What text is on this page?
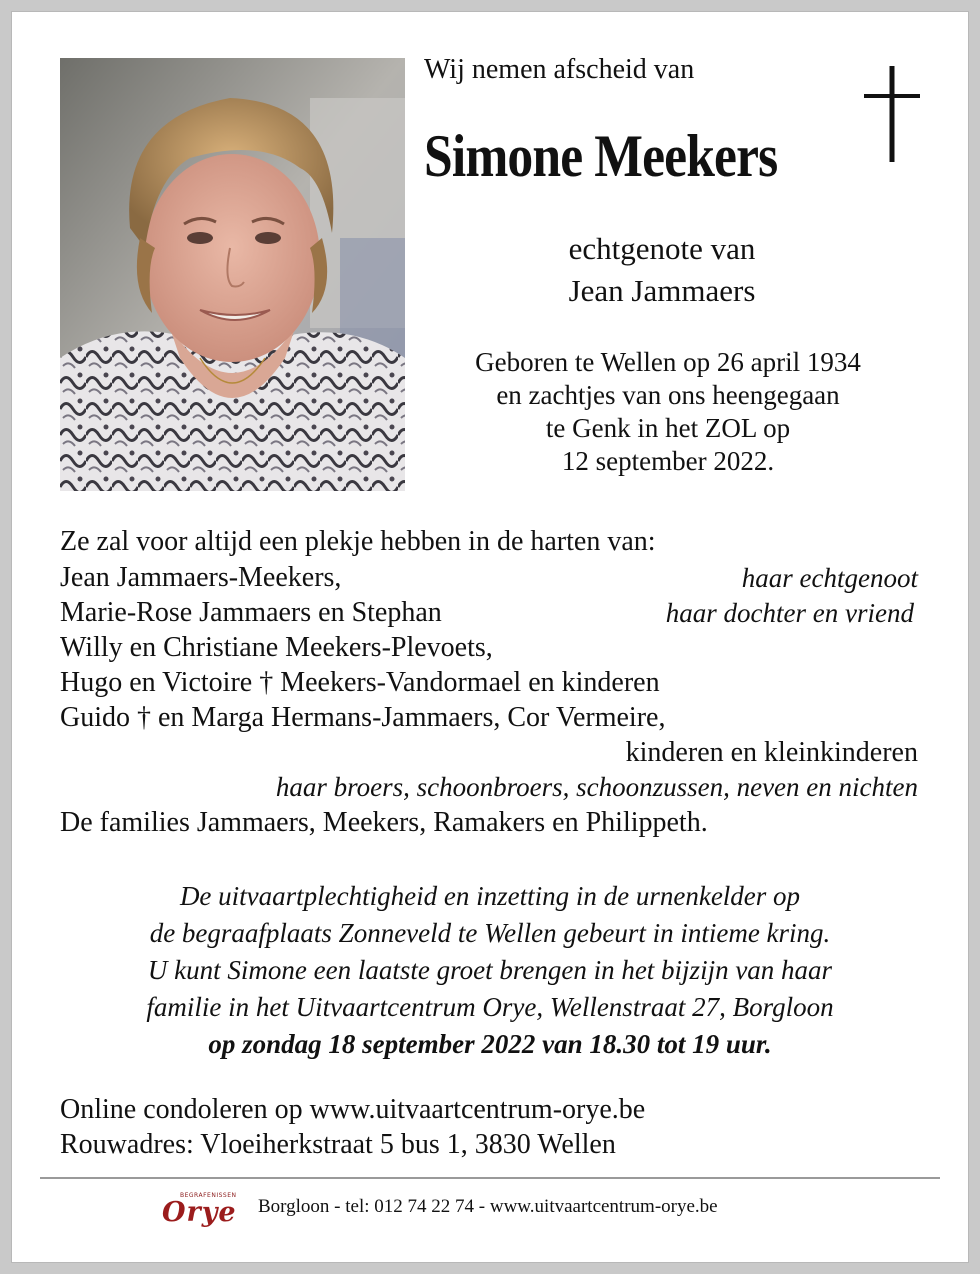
Wij nemen afscheid van
Simone Meekers
echtgenote van
Jean Jammaers
Geboren te Wellen op 26 april 1934
en zachtjes van ons heengegaan
te Genk in het ZOL op
12 september 2022.
Ze zal voor altijd een plekje hebben in de harten van:
Jean Jammaers-Meekers,	haar echtgenoot
Marie-Rose Jammaers en Stephan	haar dochter en vriend
Willy en Christiane Meekers-Plevoets,
Hugo en Victoire † Meekers-Vandormael en kinderen
Guido † en Marga Hermans-Jammaers, Cor Vermeire,
kinderen en kleinkinderen
haar broers, schoonbroers, schoonzussen, neven en nichten
De families Jammaers, Meekers, Ramakers en Philippeth.
De uitvaartplechtigheid en inzetting in de urnenkelder op
de begraafplaats Zonneveld te Wellen gebeurt in intieme kring.
U kunt Simone een laatste groet brengen in het bijzijn van haar
familie in het Uitvaartcentrum Orye, Wellenstraat 27, Borgloon
op zondag 18 september 2022 van 18.30 tot 19 uur.
Online condoleren op www.uitvaartcentrum-orye.be
Rouwadres: Vloeiherkstraat 5 bus 1, 3830 Wellen
BEGRAFENISSEN
Orye Borgloon - tel: 012 74 22 74 - www.uitvaartcentrum-orye.be
